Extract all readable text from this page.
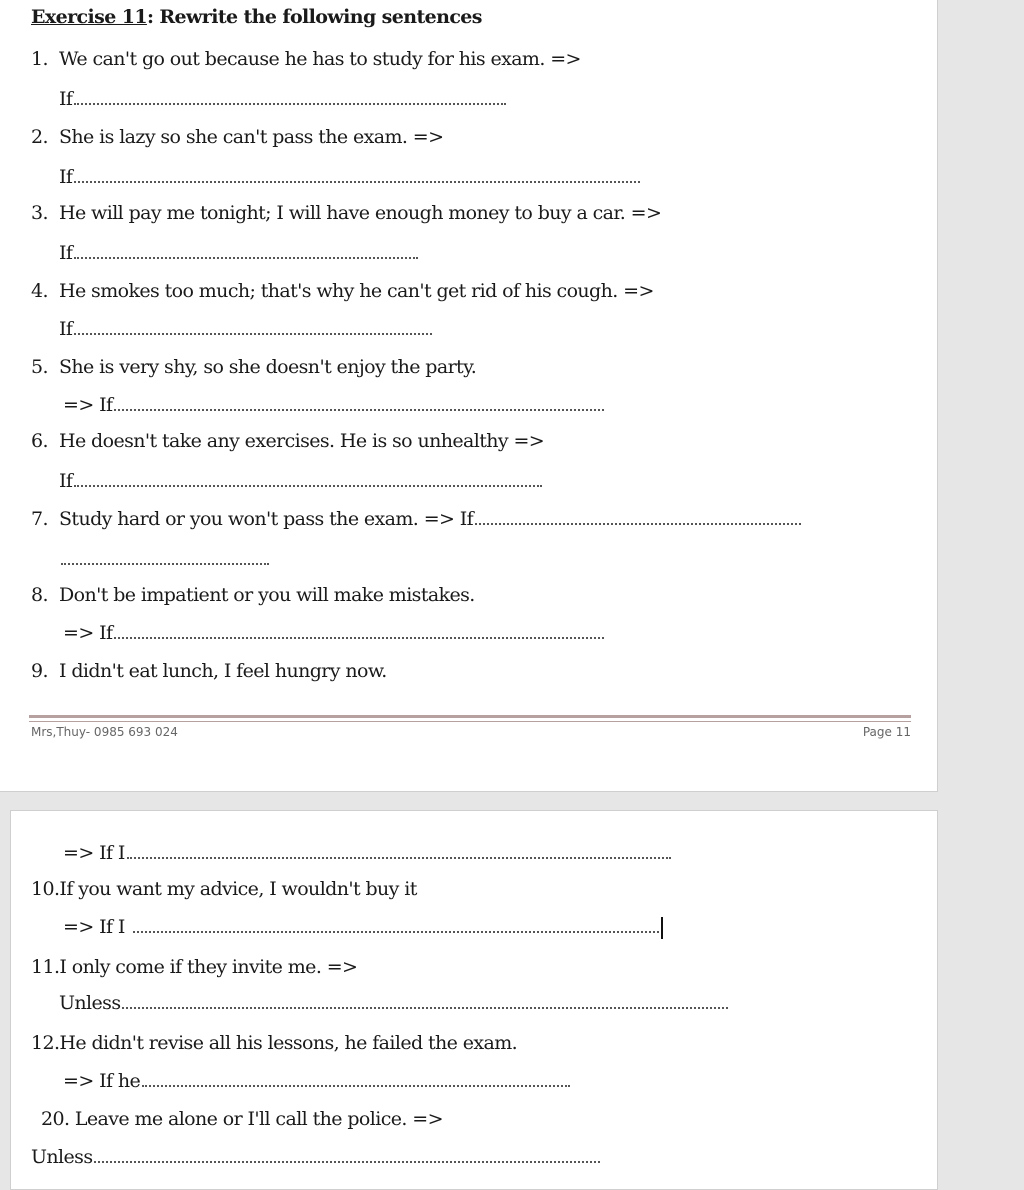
Exercise 11: Rewrite the following sentences
1. We can't go out because he has to study for his exam. =>
If
2. She is lazy so she can't pass the exam. =>
If
3. He will pay me tonight; I will have enough money to buy a car. =>
If
4. He smokes too much; that's why he can't get rid of his cough. =>
If
5. She is very shy, so she doesn't enjoy the party.
=> If
6. He doesn't take any exercises. He is so unhealthy =>
If
7. Study hard or you won't pass the exam. => If
8. Don't be impatient or you will make mistakes.
=> If
9. I didn't eat lunch, I feel hungry now.
Mrs,Thuy- 0985 693 024	Page 11
=> If I
10.If you want my advice, I wouldn't buy it
=> If I
11.I only come if they invite me. =>
Unless
12.He didn't revise all his lessons, he failed the exam.
=> If he
20. Leave me alone or I'll call the police. =>
Unless
